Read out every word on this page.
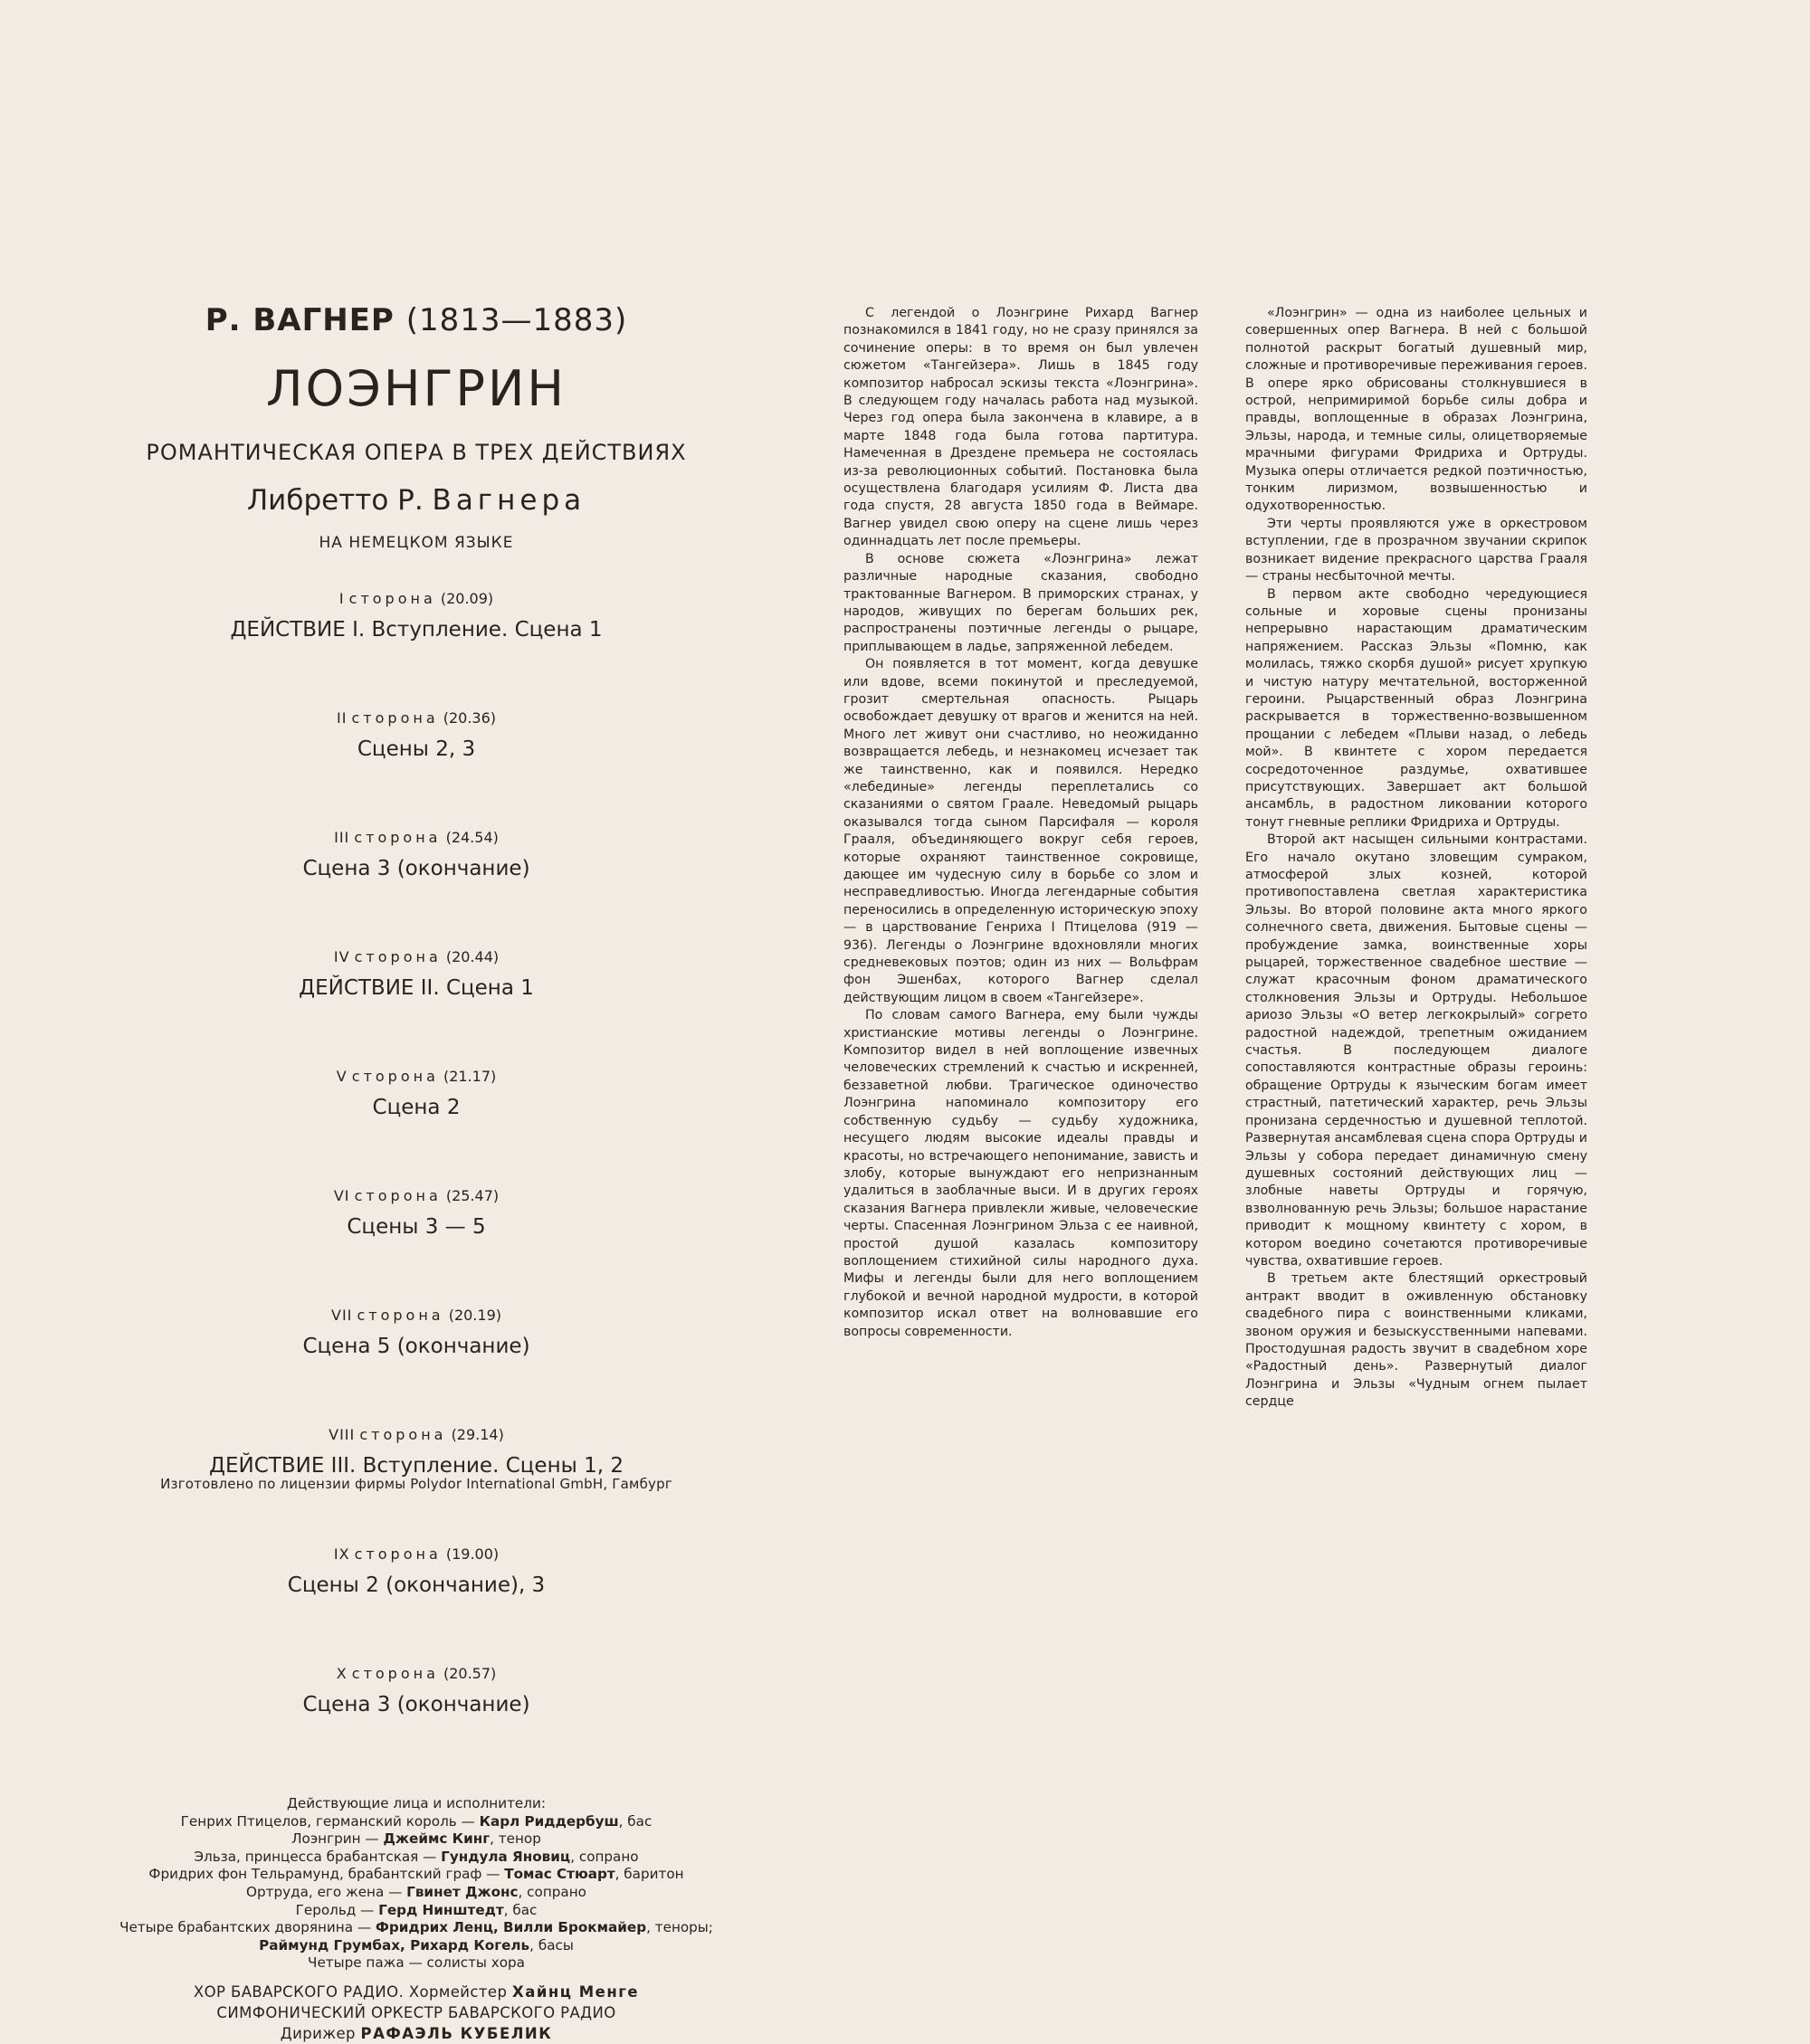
Р. ВАГНЕР (1813—1883)
ЛОЭНГРИН
РОМАНТИЧЕСКАЯ ОПЕРА В ТРЕХ ДЕЙСТВИЯХ
Либретто Р. Вагнера
НА НЕМЕЦКОМ ЯЗЫКЕ
I сторона (20.09)
ДЕЙСТВИЕ I. Вступление. Сцена 1
II сторона (20.36)
Сцены 2, 3
III сторона (24.54)
Сцена 3 (окончание)
IV сторона (20.44)
ДЕЙСТВИЕ II. Сцена 1
V сторона (21.17)
Сцена 2
VI сторона (25.47)
Сцены 3 — 5
VII сторона (20.19)
Сцена 5 (окончание)
VIII сторона (29.14)
ДЕЙСТВИЕ III. Вступление. Сцены 1, 2
IX сторона (19.00)
Сцены 2 (окончание), 3
X сторона (20.57)
Сцена 3 (окончание)
Действующие лица и исполнители:
Генрих Птицелов, германский король — Карл Риддербуш, бас
Лоэнгрин — Джеймс Кинг, тенор
Эльза, принцесса брабантская — Гундула Яновиц, сопрано
Фридрих фон Тельрамунд, брабантский граф — Томас Стюарт, баритон
Ортруда, его жена — Гвинет Джонс, сопрано
Герольд — Герд Нинштедт, бас
Четыре брабантских дворянина — Фридрих Ленц, Вилли Брокмайер, теноры;
Раймунд Грумбах, Рихард Когель, басы
Четыре пажа — солисты хора
ХОР БАВАРСКОГО РАДИО. Хормейстер Хайнц Менге
СИМФОНИЧЕСКИЙ ОРКЕСТР БАВАРСКОГО РАДИО
Дирижер РАФАЭЛЬ КУБЕЛИК
Изготовлено по лицензии фирмы Polydor International GmbH, Гамбург

С легендой о Лоэнгрине Рихард Вагнер познакомился в 1841 году, но не сразу принялся за сочинение оперы: в то время он был увлечен сюжетом «Тангейзера». Лишь в 1845 году композитор набросал эскизы текста «Лоэнгрина». В следующем году началась работа над музыкой. Через год опера была закончена в клавире, а в марте 1848 года была готова партитура. Намеченная в Дрездене премьера не состоялась из-за революционных событий. Постановка была осуществлена благодаря усилиям Ф. Листа два года спустя, 28 августа 1850 года в Веймаре. Вагнер увидел свою оперу на сцене лишь через одиннадцать лет после премьеры.

В основе сюжета «Лоэнгрина» лежат различные народные сказания, свободно трактованные Вагнером. В приморских странах, у народов, живущих по берегам больших рек, распространены поэтичные легенды о рыцаре, приплывающем в ладье, запряженной лебедем.

Он появляется в тот момент, когда девушке или вдове, всеми покинутой и преследуемой, грозит смертельная опасность. Рыцарь освобождает девушку от врагов и женится на ней. Много лет живут они счастливо, но неожиданно возвращается лебедь, и незнакомец исчезает так же таинственно, как и появился. Нередко «лебединые» легенды переплетались со сказаниями о святом Граале. Неведомый рыцарь оказывался тогда сыном Парсифаля — короля Грааля, объединяющего вокруг себя героев, которые охраняют таинственное сокровище, дающее им чудесную силу в борьбе со злом и несправедливостью. Иногда легендарные события переносились в определенную историческую эпоху — в царствование Генриха I Птицелова (919 — 936). Легенды о Лоэнгрине вдохновляли многих средневековых поэтов; один из них — Вольфрам фон Эшенбах, которого Вагнер сделал действующим лицом в своем «Тангейзере».

По словам самого Вагнера, ему были чужды христианские мотивы легенды о Лоэнгрине. Композитор видел в ней воплощение извечных человеческих стремлений к счастью и искренней, беззаветной любви. Трагическое одиночество Лоэнгрина напоминало композитору его собственную судьбу — судьбу художника, несущего людям высокие идеалы правды и красоты, но встречающего непонимание, зависть и злобу, которые вынуждают его непризнанным удалиться в заоблачные выси. И в других героях сказания Вагнера привлекли живые, человеческие черты. Спасенная Лоэнгрином Эльза с ее наивной, простой душой казалась композитору воплощением стихийной силы народного духа. Мифы и легенды были для него воплощением глубокой и вечной народной мудрости, в которой композитор искал ответ на волновавшие его вопросы современности.

«Лоэнгрин» — одна из наиболее цельных и совершенных опер Вагнера. В ней с большой полнотой раскрыт богатый душевный мир, сложные и противоречивые переживания героев. В опере ярко обрисованы столкнувшиеся в острой, непримиримой борьбе силы добра и правды, воплощенные в образах Лоэнгрина, Эльзы, народа, и темные силы, олицетворяемые мрачными фигурами Фридриха и Ортруды. Музыка оперы отличается редкой поэтичностью, тонким лиризмом, возвышенностью и одухотворенностью.

Эти черты проявляются уже в оркестровом вступлении, где в прозрачном звучании скрипок возникает видение прекрасного царства Грааля — страны несбыточной мечты.

В первом акте свободно чередующиеся сольные и хоровые сцены пронизаны непрерывно нарастающим драматическим напряжением. Рассказ Эльзы «Помню, как молилась, тяжко скорбя душой» рисует хрупкую и чистую натуру мечтательной, восторженной героини. Рыцарственный образ Лоэнгрина раскрывается в торжественно-возвышенном прощании с лебедем «Плыви назад, о лебедь мой». В квинтете с хором передается сосредоточенное раздумье, охватившее присутствующих. Завершает акт большой ансамбль, в радостном ликовании которого тонут гневные реплики Фридриха и Ортруды.

Второй акт насыщен сильными контрастами. Его начало окутано зловещим сумраком, атмосферой злых козней, которой противопоставлена светлая характеристика Эльзы. Во второй половине акта много яркого солнечного света, движения. Бытовые сцены — пробуждение замка, воинственные хоры рыцарей, торжественное свадебное шествие — служат красочным фоном драматического столкновения Эльзы и Ортруды. Небольшое ариозо Эльзы «О ветер легкокрылый» согрето радостной надеждой, трепетным ожиданием счастья. В последующем диалоге сопоставляются контрастные образы героинь: обращение Ортруды к языческим богам имеет страстный, патетический характер, речь Эльзы пронизана сердечностью и душевной теплотой. Развернутая ансамблевая сцена спора Ортруды и Эльзы у собора передает динамичную смену душевных состояний действующих лиц — злобные наветы Ортруды и горячую, взволнованную речь Эльзы; большое нарастание приводит к мощному квинтету с хором, в котором воедино сочетаются противоречивые чувства, охватившие героев.

В третьем акте блестящий оркестровый антракт вводит в оживленную обстановку свадебного пира с воинственными кликами, звоном оружия и безыскусственными напевами. Простодушная радость звучит в свадебном хоре «Радостный день». Развернутый диалог Лоэнгрина и Эльзы «Чудным огнем пылает сердце
